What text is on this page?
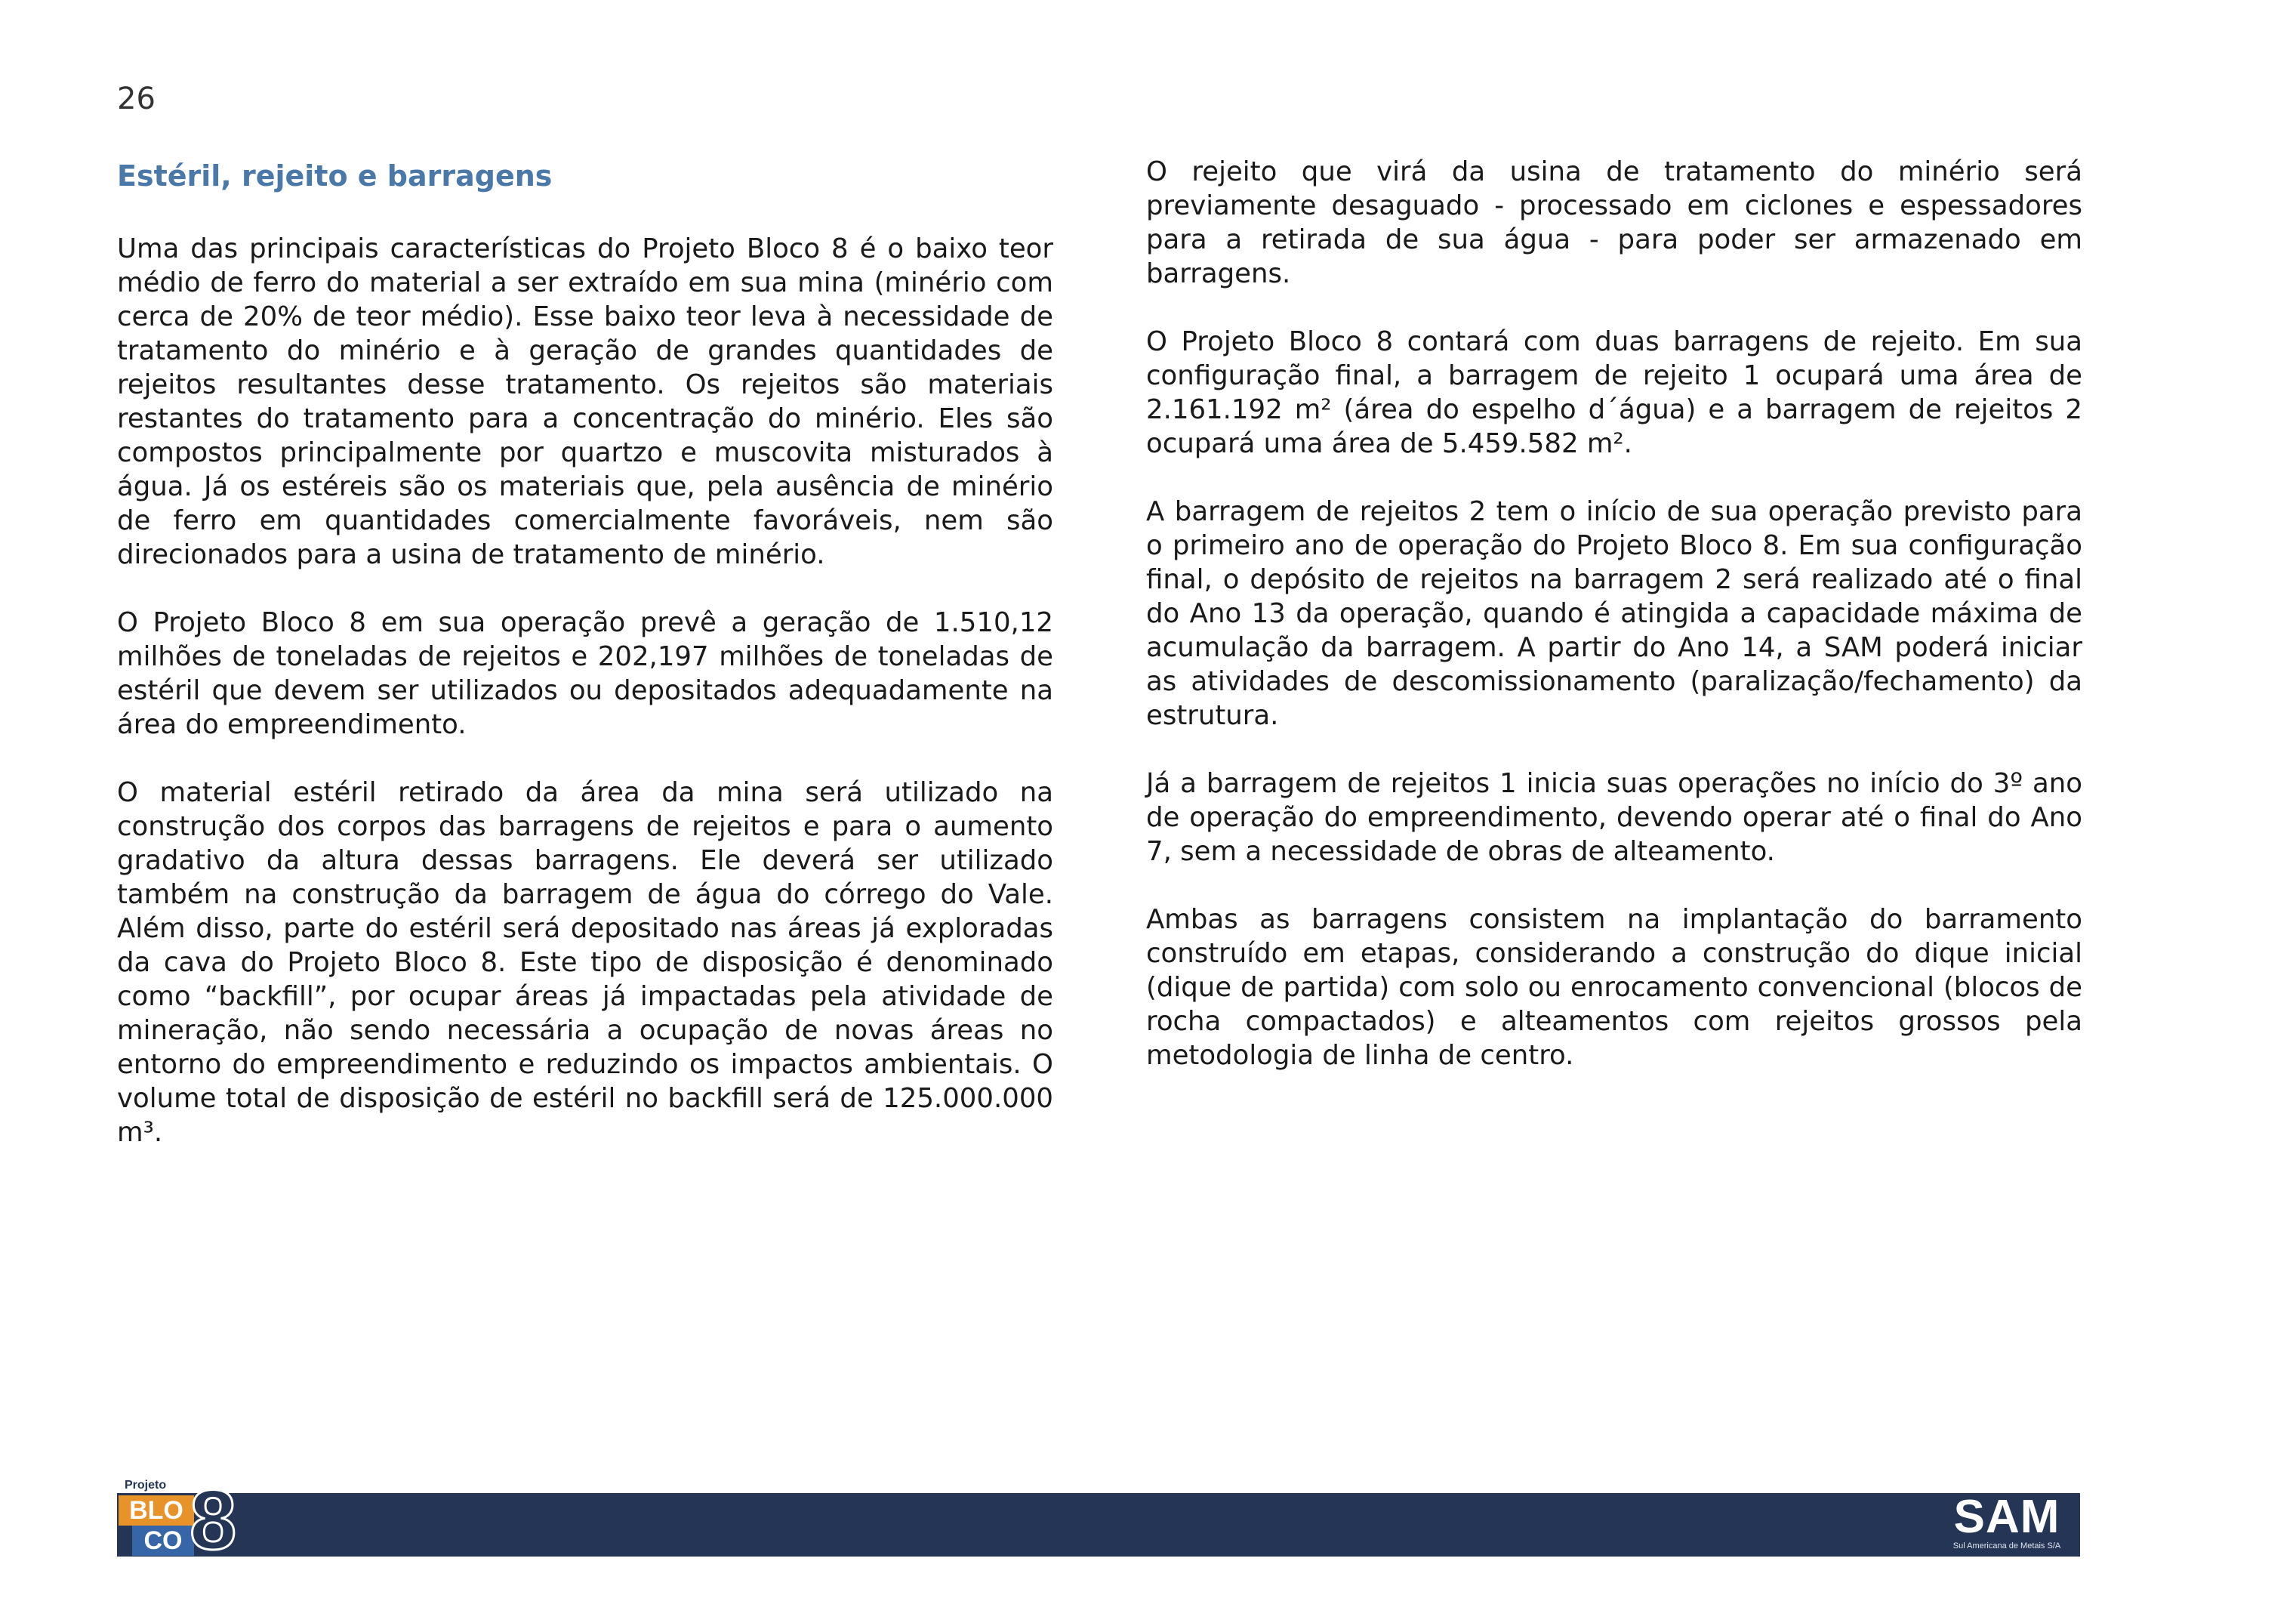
26
Estéril, rejeito e barragens

Uma das principais características do Projeto Bloco 8 é o baixo teor médio de ferro do material a ser extraído em sua mina (minério com cerca de 20% de teor médio). Esse baixo teor leva à necessidade de tratamento do minério e à geração de grandes quantidades de rejeitos resultantes desse tratamento. Os rejeitos são materiais restantes do tratamento para a concentração do minério. Eles são compostos principalmente por quartzo e muscovita misturados à água. Já os estéreis são os materiais que, pela ausência de minério de ferro em quantidades comercialmente favoráveis, nem são direcionados para a usina de tratamento de minério.

O Projeto Bloco 8 em sua operação prevê a geração de 1.510,12 milhões de toneladas de rejeitos e 202,197 milhões de toneladas de estéril que devem ser utilizados ou depositados adequadamente na área do empreendimento.

O material estéril retirado da área da mina será utilizado na construção dos corpos das barragens de rejeitos e para o aumento gradativo da altura dessas barragens. Ele deverá ser utilizado também na construção da barragem de água do córrego do Vale. Além disso, parte do estéril será depositado nas áreas já exploradas da cava do Projeto Bloco 8. Este tipo de disposição é denominado como “backfill”, por ocupar áreas já impactadas pela atividade de mineração, não sendo necessária a ocupação de novas áreas no entorno do empreendimento e reduzindo os impactos ambientais. O volume total de disposição de estéril no backfill será de 125.000.000 m³.

O rejeito que virá da usina de tratamento do minério será previamente desaguado - processado em ciclones e espessadores para a retirada de sua água - para poder ser armazenado em barragens.

O Projeto Bloco 8 contará com duas barragens de rejeito. Em sua configuração final, a barragem de rejeito 1 ocupará uma área de 2.161.192 m² (área do espelho d´água) e a barragem de rejeitos 2 ocupará uma área de 5.459.582 m².

A barragem de rejeitos 2 tem o início de sua operação previsto para o primeiro ano de operação do Projeto Bloco 8. Em sua configuração final, o depósito de rejeitos na barragem 2 será realizado até o final do Ano 13 da operação, quando é atingida a capacidade máxima de acumulação da barragem. A partir do Ano 14, a SAM poderá iniciar as atividades de descomissionamento (paralização/fechamento) da estrutura.

Já a barragem de rejeitos 1 inicia suas operações no início do 3º ano de operação do empreendimento, devendo operar até o final do Ano 7, sem a necessidade de obras de alteamento.

Ambas as barragens consistem na implantação do barramento construído em etapas, considerando a construção do dique inicial (dique de partida) com solo ou enrocamento convencional (blocos de rocha compactados) e alteamentos com rejeitos grossos pela metodologia de linha de centro.

Projeto
BLO
CO 8	SAM
Sul Americana de Metais S/A
